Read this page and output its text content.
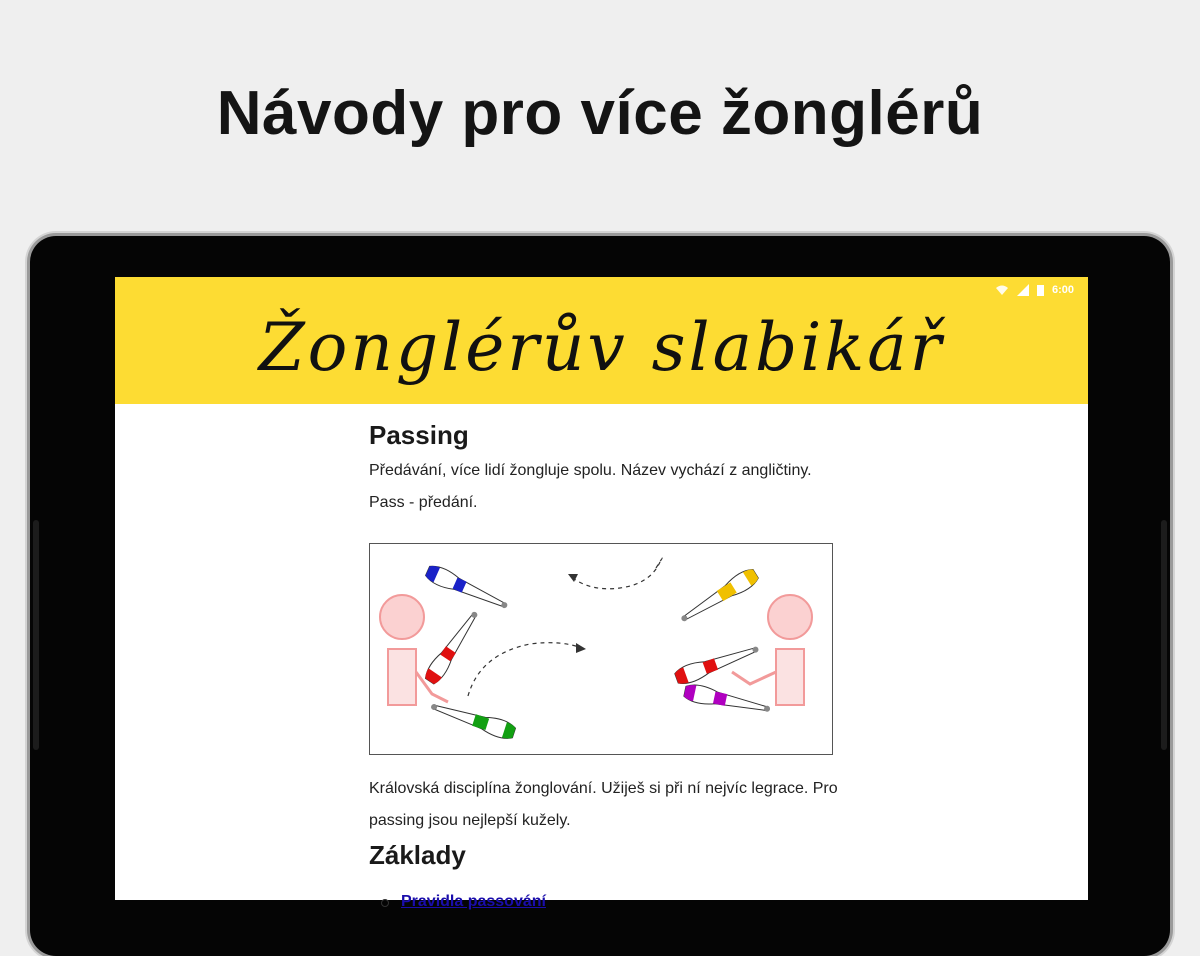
Návody pro více žonglérů
6:00
Žonglérův slabikář
Passing

Předávání, více lidí žongluje spolu. Název vychází z angličtiny. Pass - předání.

Královská disciplína žonglování. Užiješ si při ní nejvíc legrace. Pro passing jsou nejlepší kužely.

Základy
Pravidla passování
